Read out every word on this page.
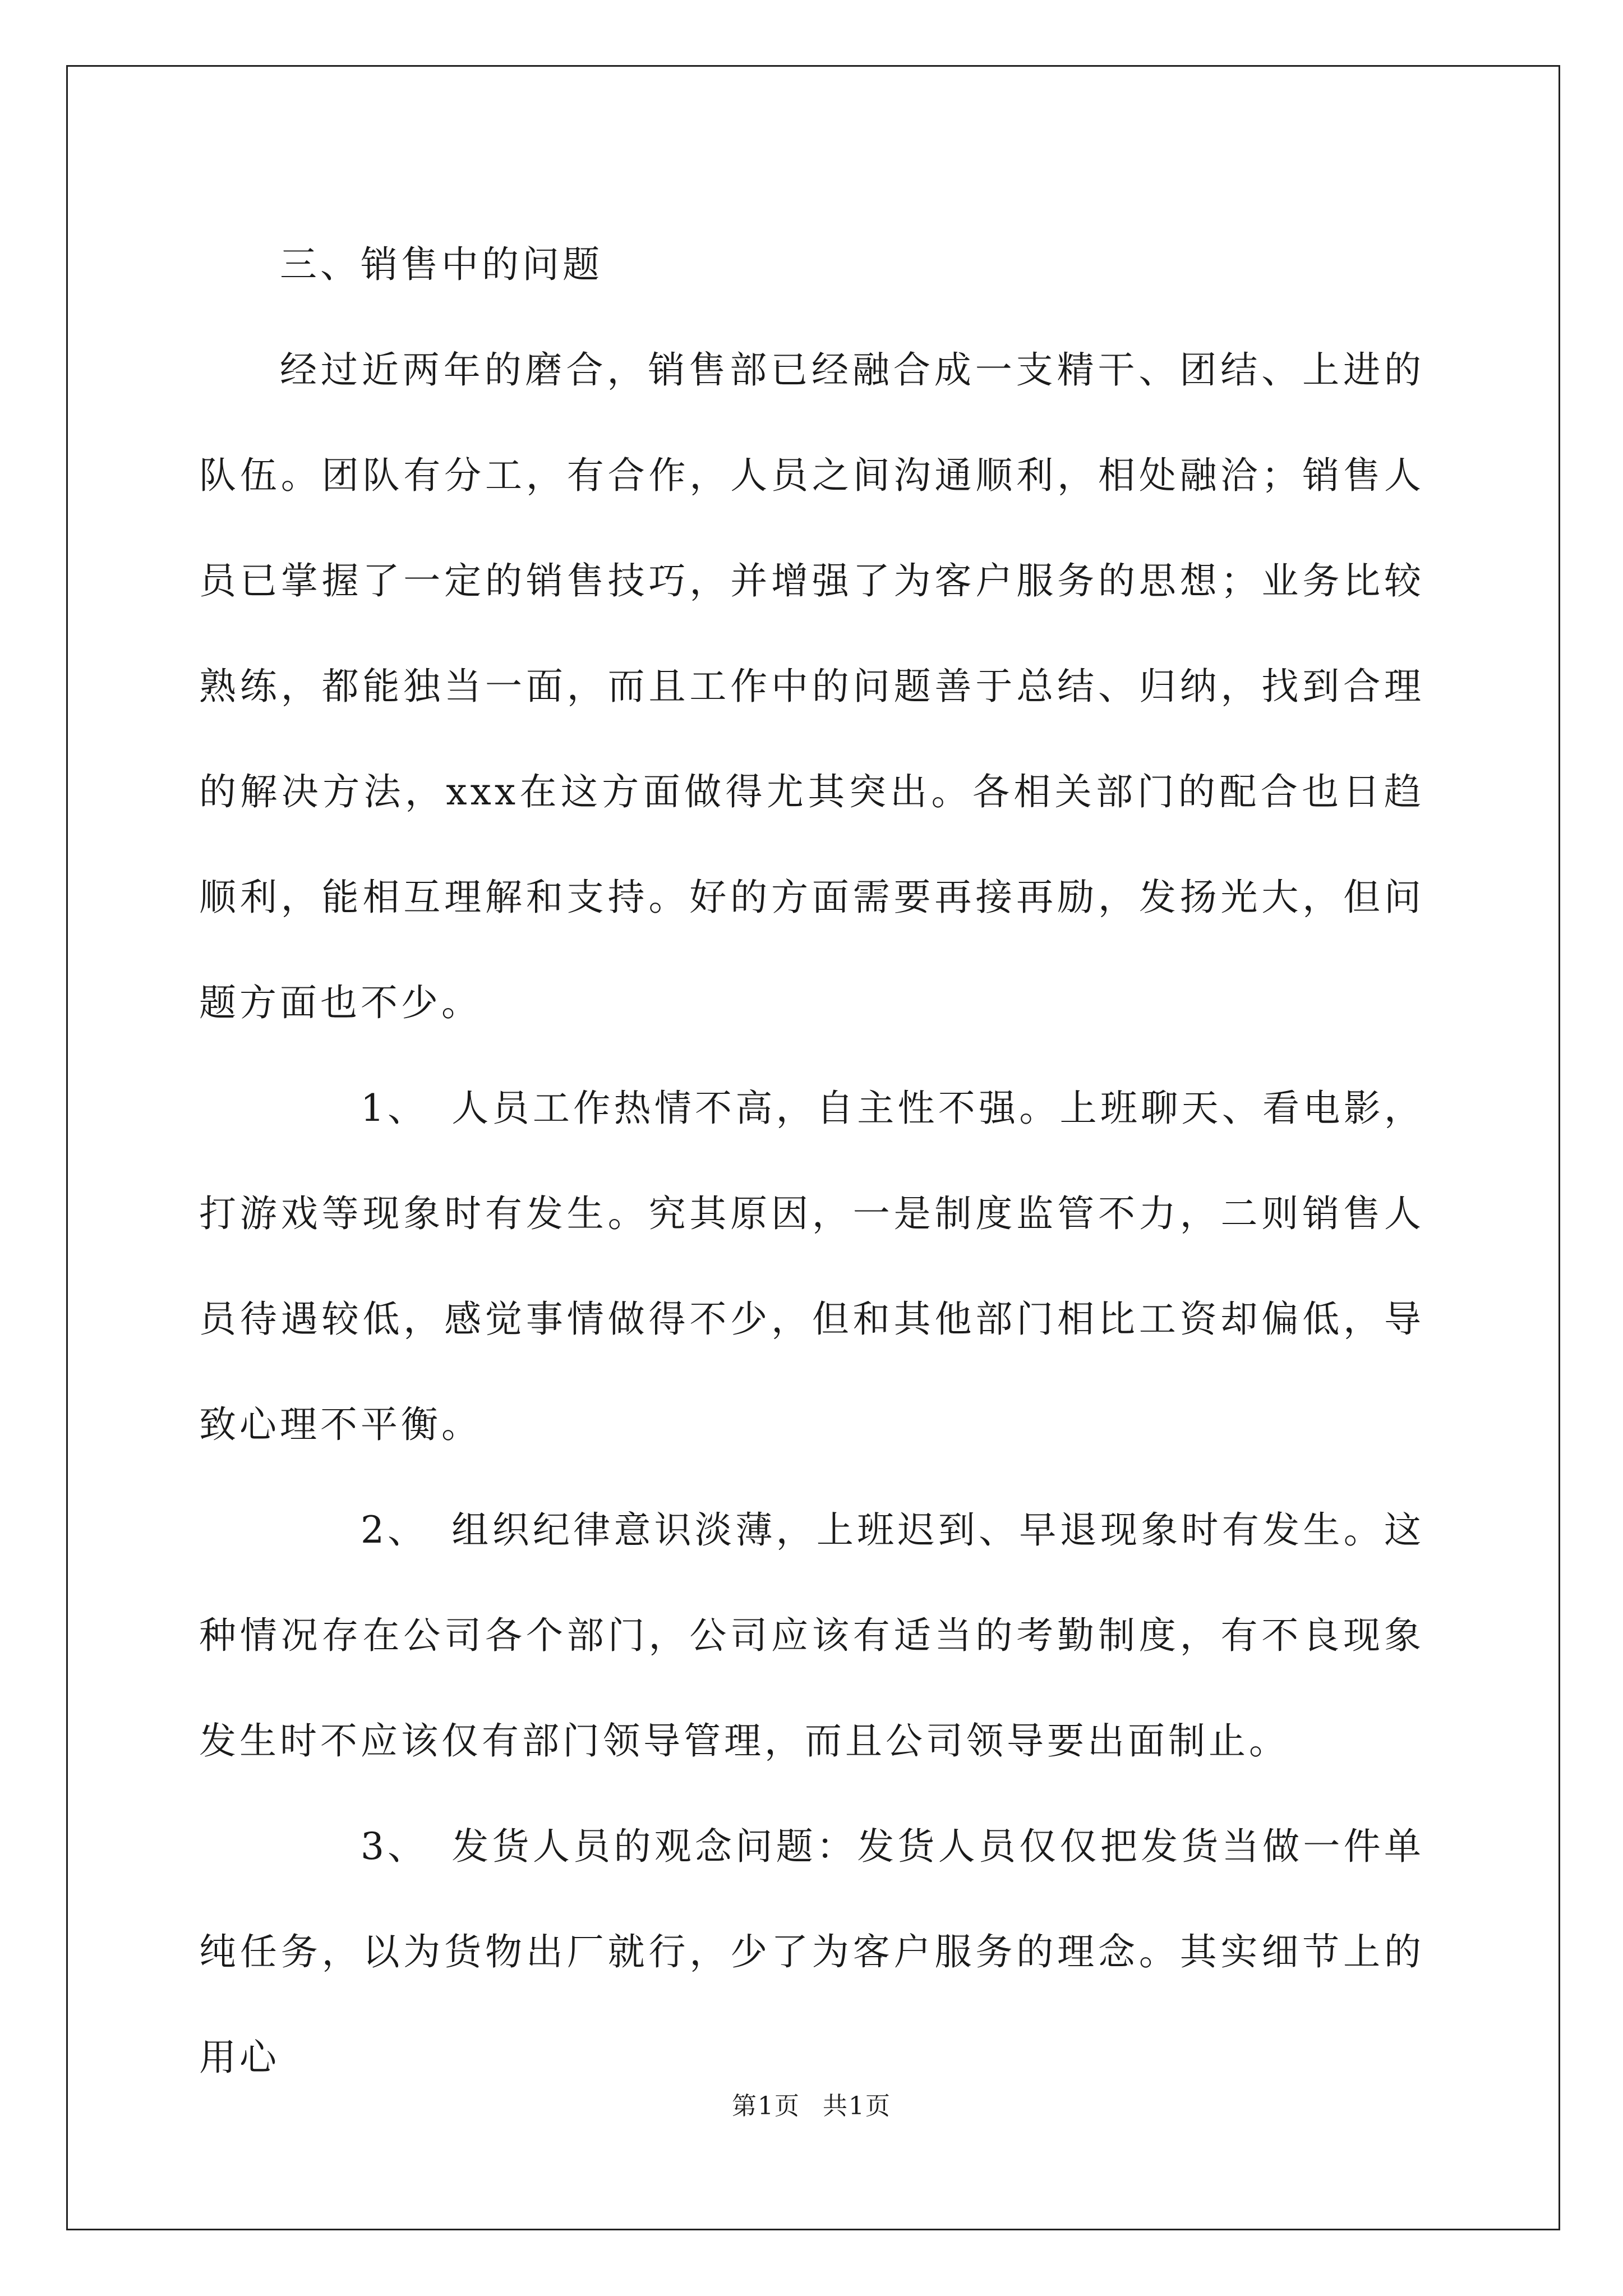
三、销售中的问题

经过近两年的磨合，销售部已经融合成一支精干、团结、上进的队伍。团队有分工，有合作，人员之间沟通顺利，相处融洽；销售人员已掌握了一定的销售技巧，并增强了为客户服务的思想；业务比较熟练，都能独当一面，而且工作中的问题善于总结、归纳，找到合理的解决方法，xxx在这方面做得尤其突出。各相关部门的配合也日趋顺利，能相互理解和支持。好的方面需要再接再励，发扬光大，但问题方面也不少。

1、 人员工作热情不高，自主性不强。上班聊天、看电影，打游戏等现象时有发生。究其原因，一是制度监管不力，二则销售人员待遇较低，感觉事情做得不少，但和其他部门相比工资却偏低，导致心理不平衡。

2、 组织纪律意识淡薄，上班迟到、早退现象时有发生。这种情况存在公司各个部门，公司应该有适当的考勤制度，有不良现象发生时不应该仅有部门领导管理，而且公司领导要出面制止。

3、 发货人员的观念问题：发货人员仅仅把发货当做一件单纯任务，以为货物出厂就行，少了为客户服务的理念。其实细节上的用心

第1页 共1页
